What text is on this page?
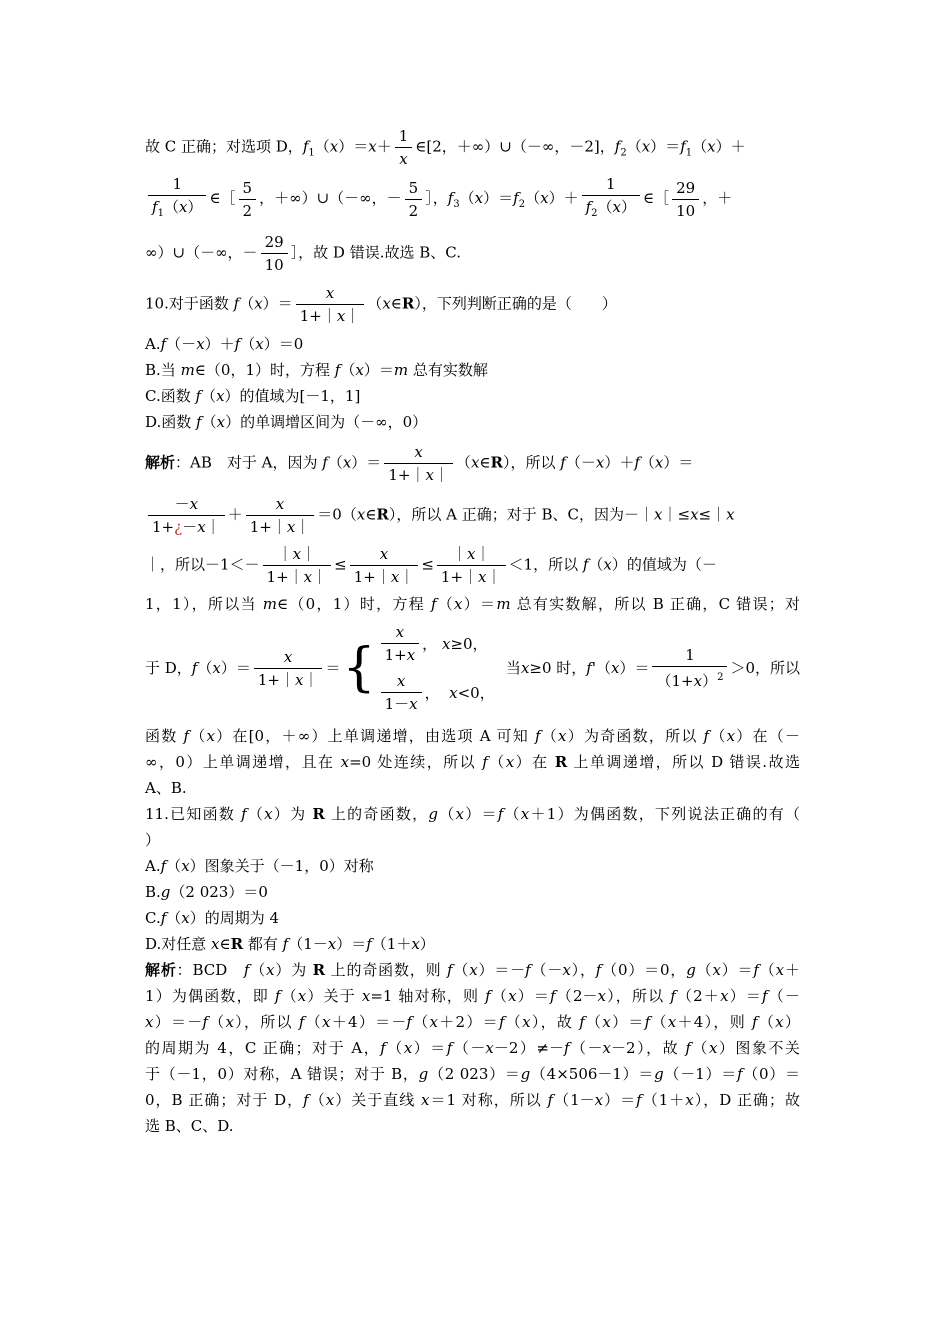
故 C 正确；对选项 D，$f_1(x)=x+ \frac{1}{x}$ ∈[2，＋∞）∪（－∞，－2]，$f_2(x)=f_1(x)+$
$\frac{1}{f_1(x)}$ ∈［ $\frac{5}{2}$ ，＋∞）∪（－∞，－ $\frac{5}{2}$ ］，$f_3(x)=f_2(x)+ \frac{1}{f_2(x)}$ ∈［ $\frac{29}{10}$ ，＋
∞）∪（－∞，－ $\frac{29}{10}$ ］，故 D 错误.故选 B、C.
10.对于函数 $f(x)= \frac{x}{1+|x|}$ （x∈R），下列判断正确的是（　　）
A.f（－x）＋f（x）＝0
B.当 m∈（0，1）时，方程 f（x）＝m 总有实数解
C.函数 f（x）的值域为[－1，1]
D.函数 f（x）的单调增区间为（－∞，0）
解析：AB　对于 A，因为 $f(x)= \frac{x}{1+|x|}$ （x∈R），所以 f（－x）＋f（x）＝
$\frac{-x}{1+¿-x|} + \frac{x}{1+|x|}$ ＝0（x∈R），所以 A 正确；对于 B、C，因为－｜x｜≤x≤｜x
｜，所以$-1<- \frac{|x|}{1+|x|} \le \frac{x}{1+|x|} \le \frac{|x|}{1+|x|} <1$，所以 f（x）的值域为（－
1，1），所以当 m∈（0，1）时，方程 f（x）＝m 总有实数解，所以 B 正确，C 错误；对
于 D， f （ x ）＝ $\frac{x}{1+|x|}$ ＝ { $\frac{x}{1+x}$ ， x ≥0，
$\frac{x}{1-x}$ ， x <0，
当 x ≥0 时， f '（ x ）＝ $\frac{1}{(1+x)^2} >0$，所以
函数 f（x）在[0，＋∞）上单调递增，由选项 A 可知 f（x）为奇函数，所以 f（x）在（－
∞，0）上单调递增，且在 x=0 处连续，所以 f（x）在 R 上单调递增，所以 D 错误.故选
A、B.
11.已知函数 f（x）为 R 上的奇函数，g（x）＝f（x＋1）为偶函数，下列说法正确的有（
）
A.f（x）图象关于（－1，0）对称
B.g（2 023）＝0
C.f（x）的周期为 4
D.对任意 x∈R 都有 f（1－x）＝f（1＋x）
解析：BCD　f（x）为 R 上的奇函数，则 f（x）＝－f（－x），f（0）＝0，g（x）＝f（x＋
1）为偶函数，即 f（x）关于 x=1 轴对称，则 f（x）＝f（2－x），所以 f（2＋x）＝f（－
x）＝－f（x），所以 f（x＋4）＝－f（x＋2）＝f（x），故 f（x）＝f（x＋4），则 f（x）
的周期为 4，C 正确；对于 A，f（x）＝f（－x－2）≠－f（－x－2），故 f（x）图象不关
于（－1，0）对称，A 错误；对于 B，g（2 023）＝g（4×506－1）＝g（－1）＝f（0）＝
0，B 正确；对于 D，f（x）关于直线 x＝1 对称，所以 f（1－x）＝f（1＋x），D 正确；故
选 B、C、D.
